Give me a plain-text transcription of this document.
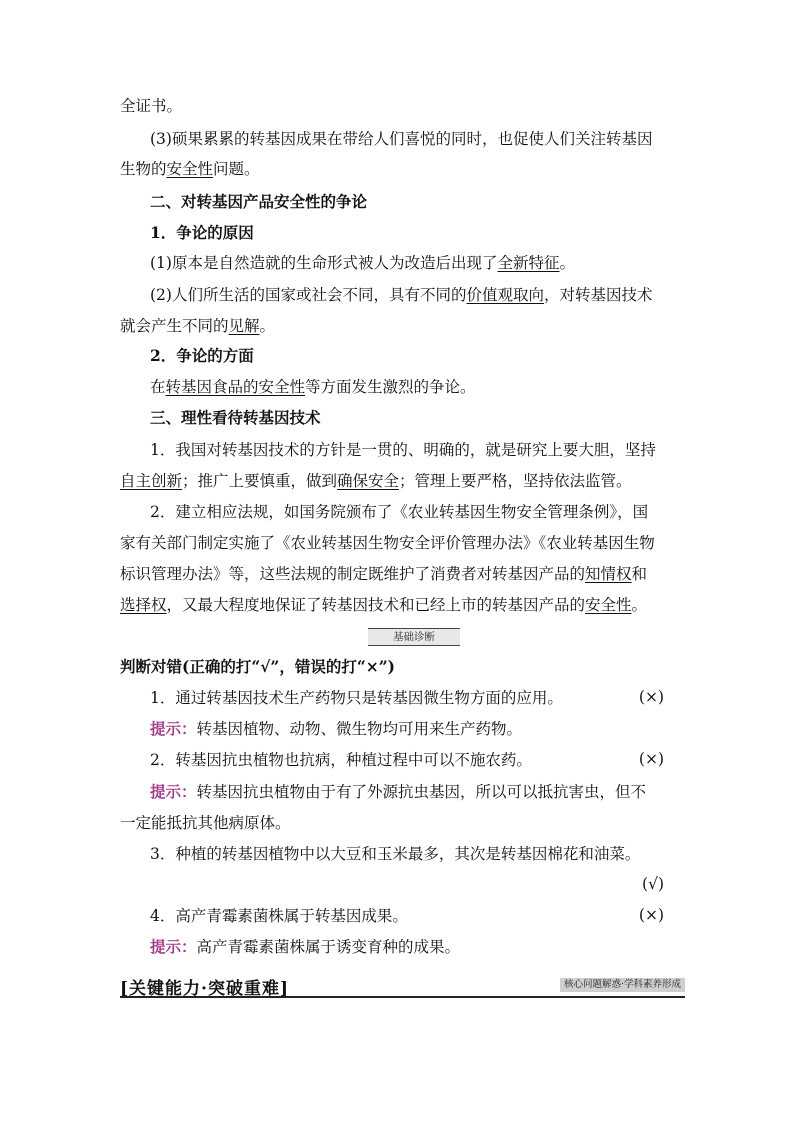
全证书。
(3)硕果累累的转基因成果在带给人们喜悦的同时，也促使人们关注转基因
生物的安全性问题。
二、对转基因产品安全性的争论
1．争论的原因
(1)原本是自然造就的生命形式被人为改造后出现了全新特征。
(2)人们所生活的国家或社会不同，具有不同的价值观取向，对转基因技术
就会产生不同的见解。
2．争论的方面
在转基因食品的安全性等方面发生激烈的争论。
三、理性看待转基因技术
1．我国对转基因技术的方针是一贯的、明确的，就是研究上要大胆，坚持
自主创新；推广上要慎重，做到确保安全；管理上要严格，坚持依法监管。
2．建立相应法规，如国务院颁布了《农业转基因生物安全管理条例》，国
家有关部门制定实施了《农业转基因生物安全评价管理办法》《农业转基因生物
标识管理办法》等，这些法规的制定既维护了消费者对转基因产品的知情权和
选择权，又最大程度地保证了转基因技术和已经上市的转基因产品的安全性。
基础诊断
判断对错(正确的打“√”，错误的打“×”)
1．通过转基因技术生产药物只是转基因微生物方面的应用。	(×)
提示：转基因植物、动物、微生物均可用来生产药物。
2．转基因抗虫植物也抗病，种植过程中可以不施农药。	(×)
提示：转基因抗虫植物由于有了外源抗虫基因，所以可以抵抗害虫，但不
一定能抵抗其他病原体。
3．种植的转基因植物中以大豆和玉米最多，其次是转基因棉花和油菜。
(√)
4．高产青霉素菌株属于转基因成果。	(×)
提示：高产青霉素菌株属于诱变育种的成果。
[关键能力·突破重难]	核心问题解惑·学科素养形成
